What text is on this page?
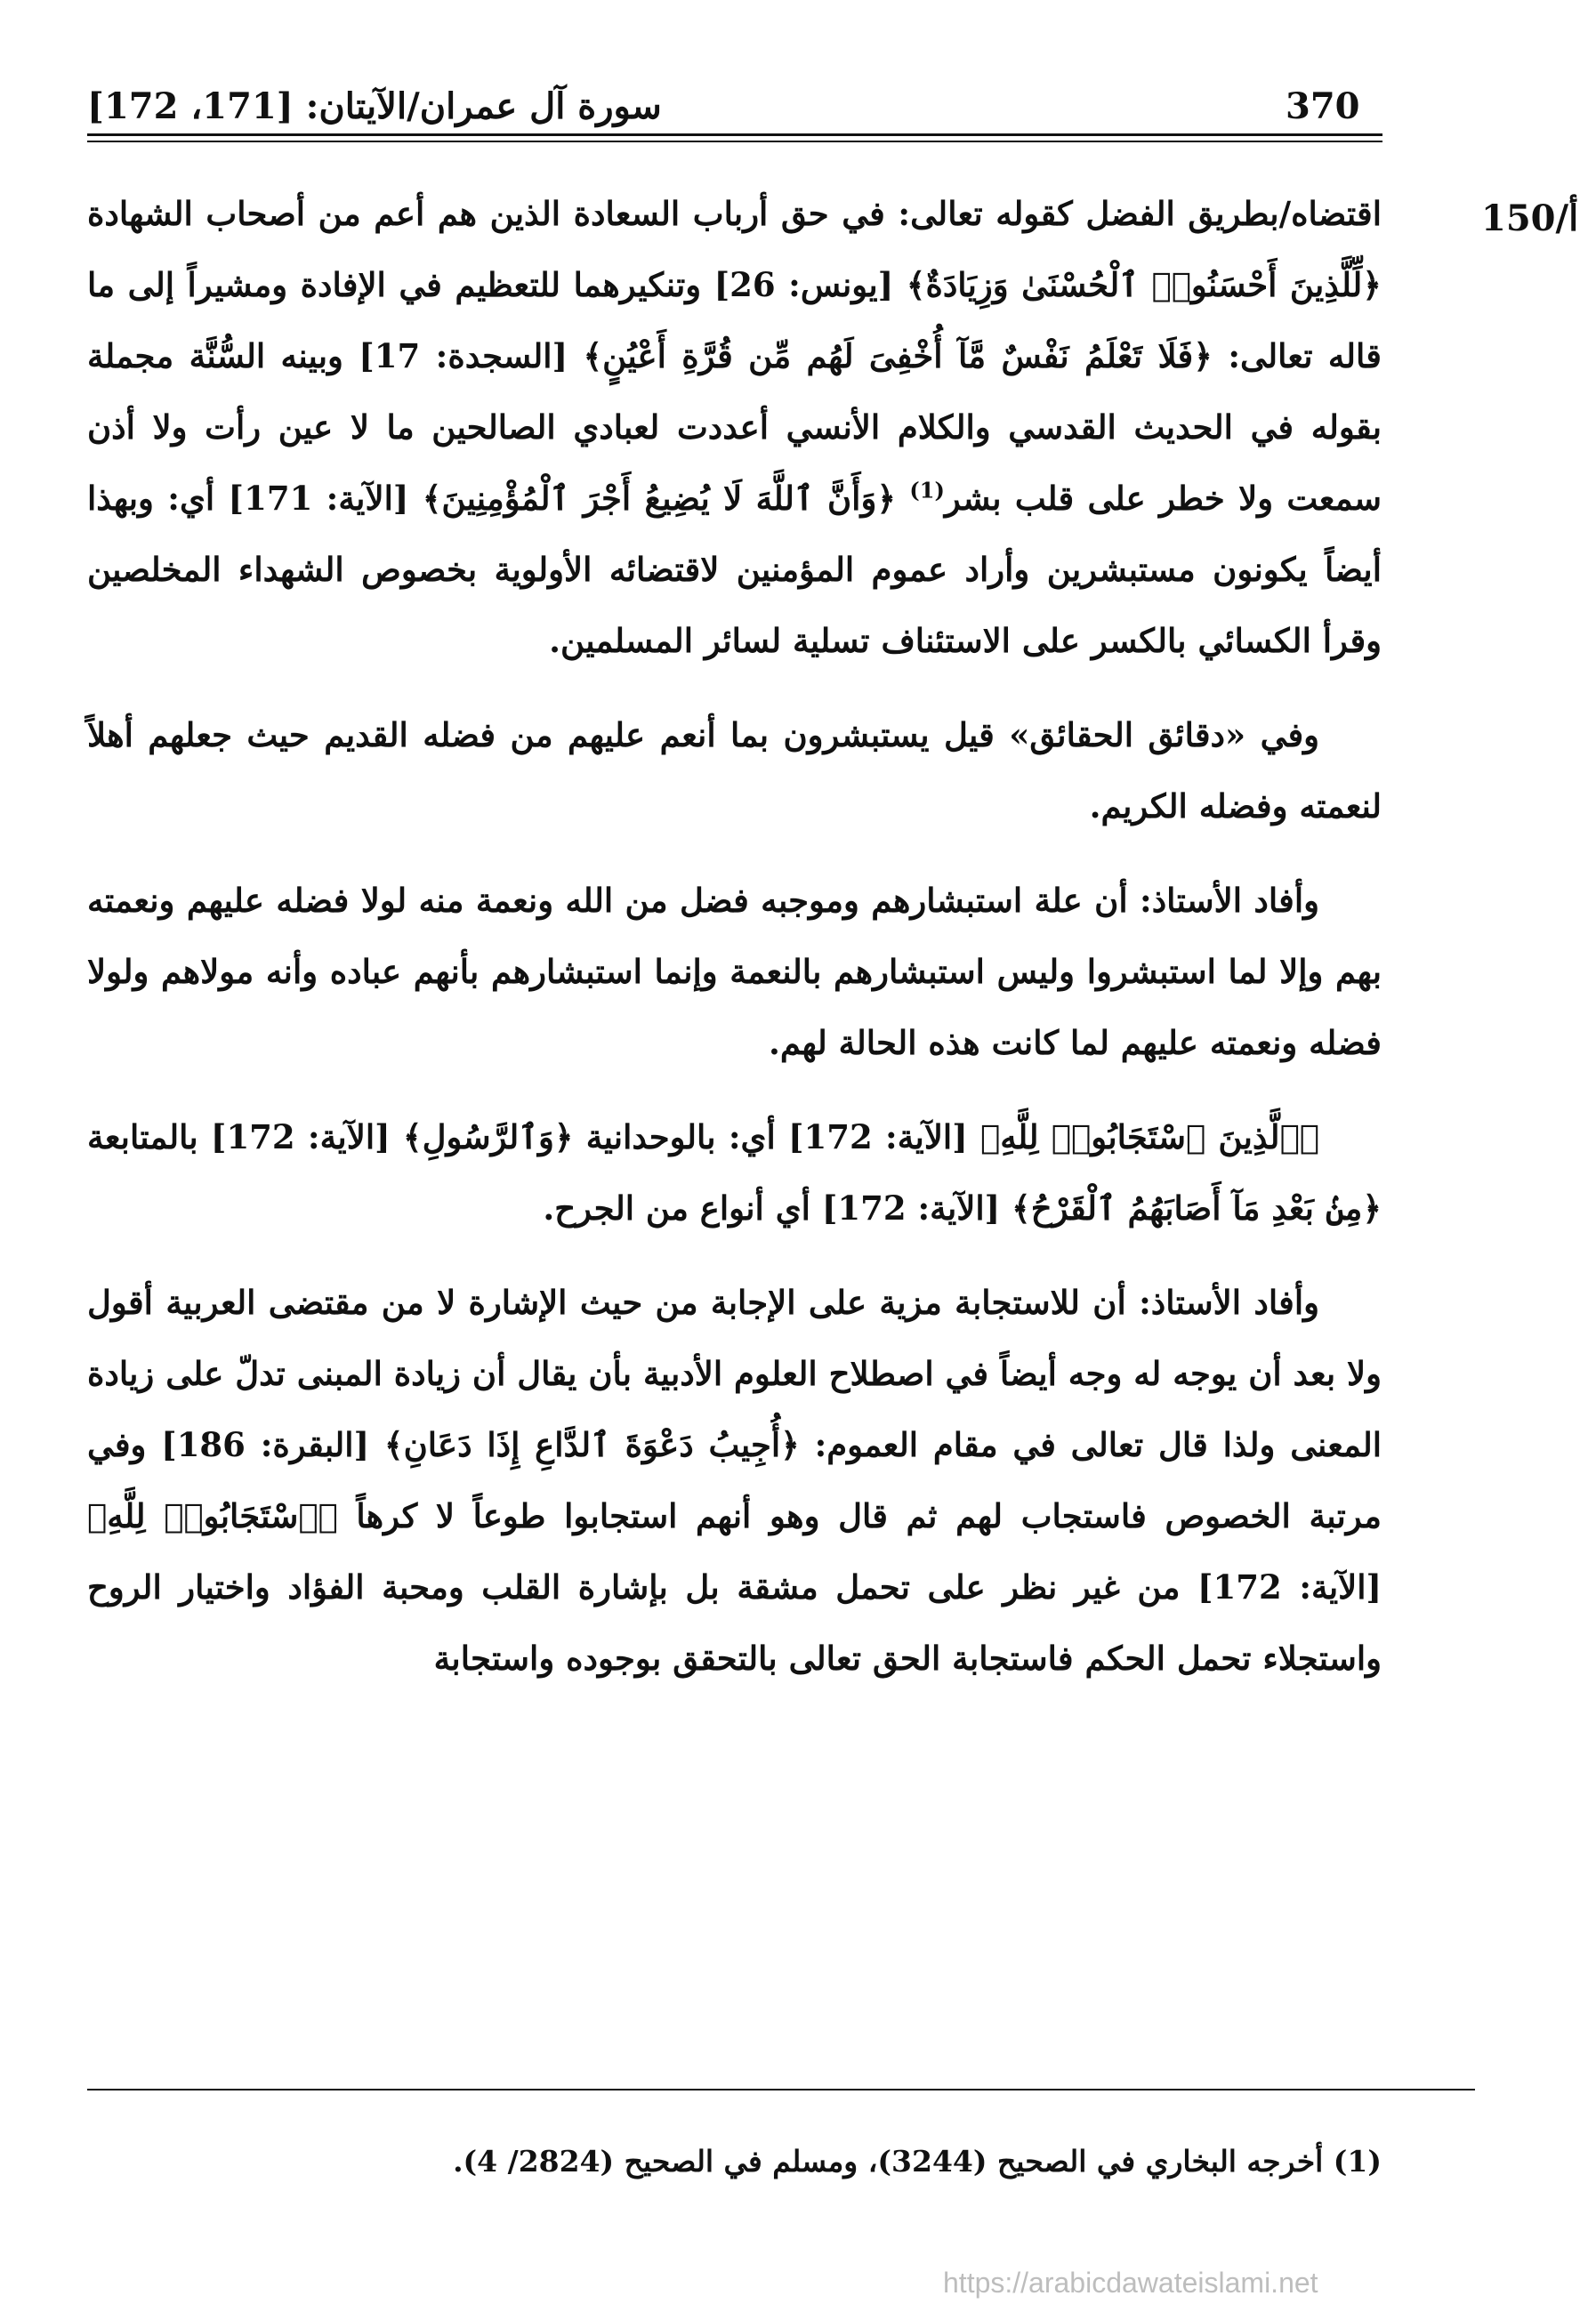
370
سورة آل عمران/الآيتان: [171، 172]
150/أ

اقتضاه/بطريق الفضل كقوله تعالى: في حق أرباب السعادة الذين هم أعم من أصحاب الشهادة ﴿لِّلَّذِينَ أَحْسَنُوا۟ ٱلْحُسْنَىٰ وَزِيَادَةٌ﴾ [يونس: 26] وتنكيرهما للتعظيم في الإفادة ومشيراً إلى ما قاله تعالى: ﴿فَلَا تَعْلَمُ نَفْسٌ مَّآ أُخْفِىَ لَهُم مِّن قُرَّةِ أَعْيُنٍ﴾ [السجدة: 17] وبينه السُّنَّة مجملة بقوله في الحديث القدسي والكلام الأنسي أعددت لعبادي الصالحين ما لا عين رأت ولا أذن سمعت ولا خطر على قلب بشر$^{(1)}$ ﴿وَأَنَّ ٱللَّهَ لَا يُضِيعُ أَجْرَ ٱلْمُؤْمِنِينَ﴾ [الآية: 171] أي: وبهذا أيضاً يكونون مستبشرين وأراد عموم المؤمنين لاقتضائه الأولوية بخصوص الشهداء المخلصين وقرأ الكسائي بالكسر على الاستئناف تسلية لسائر المسلمين.

وفي «دقائق الحقائق» قيل يستبشرون بما أنعم عليهم من فضله القديم حيث جعلهم أهلاً لنعمته وفضله الكريم.

وأفاد الأستاذ: أن علة استبشارهم وموجبه فضل من الله ونعمة منه لولا فضله عليهم ونعمته بهم وإلا لما استبشروا وليس استبشارهم بالنعمة وإنما استبشارهم بأنهم عباده وأنه مولاهم ولولا فضله ونعمته عليهم لما كانت هذه الحالة لهم.

﴿ٱلَّذِينَ ٱسْتَجَابُوا۟ لِلَّهِ﴾ [الآية: 172] أي: بالوحدانية ﴿وَٱلرَّسُولِ﴾ [الآية: 172] بالمتابعة ﴿مِنۢ بَعْدِ مَآ أَصَابَهُمُ ٱلْقَرْحُ﴾ [الآية: 172] أي أنواع من الجرح.

وأفاد الأستاذ: أن للاستجابة مزية على الإجابة من حيث الإشارة لا من مقتضى العربية أقول ولا بعد أن يوجه له وجه أيضاً في اصطلاح العلوم الأدبية بأن يقال أن زيادة المبنى تدلّ على زيادة المعنى ولذا قال تعالى في مقام العموم: ﴿أُجِيبُ دَعْوَةَ ٱلدَّاعِ إِذَا دَعَانِ﴾ [البقرة: 186] وفي مرتبة الخصوص فاستجاب لهم ثم قال وهو أنهم استجابوا طوعاً لا كرهاً ﴿ٱسْتَجَابُوا۟ لِلَّهِ﴾ [الآية: 172] من غير نظر على تحمل مشقة بل بإشارة القلب ومحبة الفؤاد واختيار الروح واستجلاء تحمل الحكم فاستجابة الحق تعالى بالتحقق بوجوده واستجابة

(1) أخرجه البخاري في الصحيح (3244)، ومسلم في الصحيح (2824/ 4).
https://arabicdawateislami.net
